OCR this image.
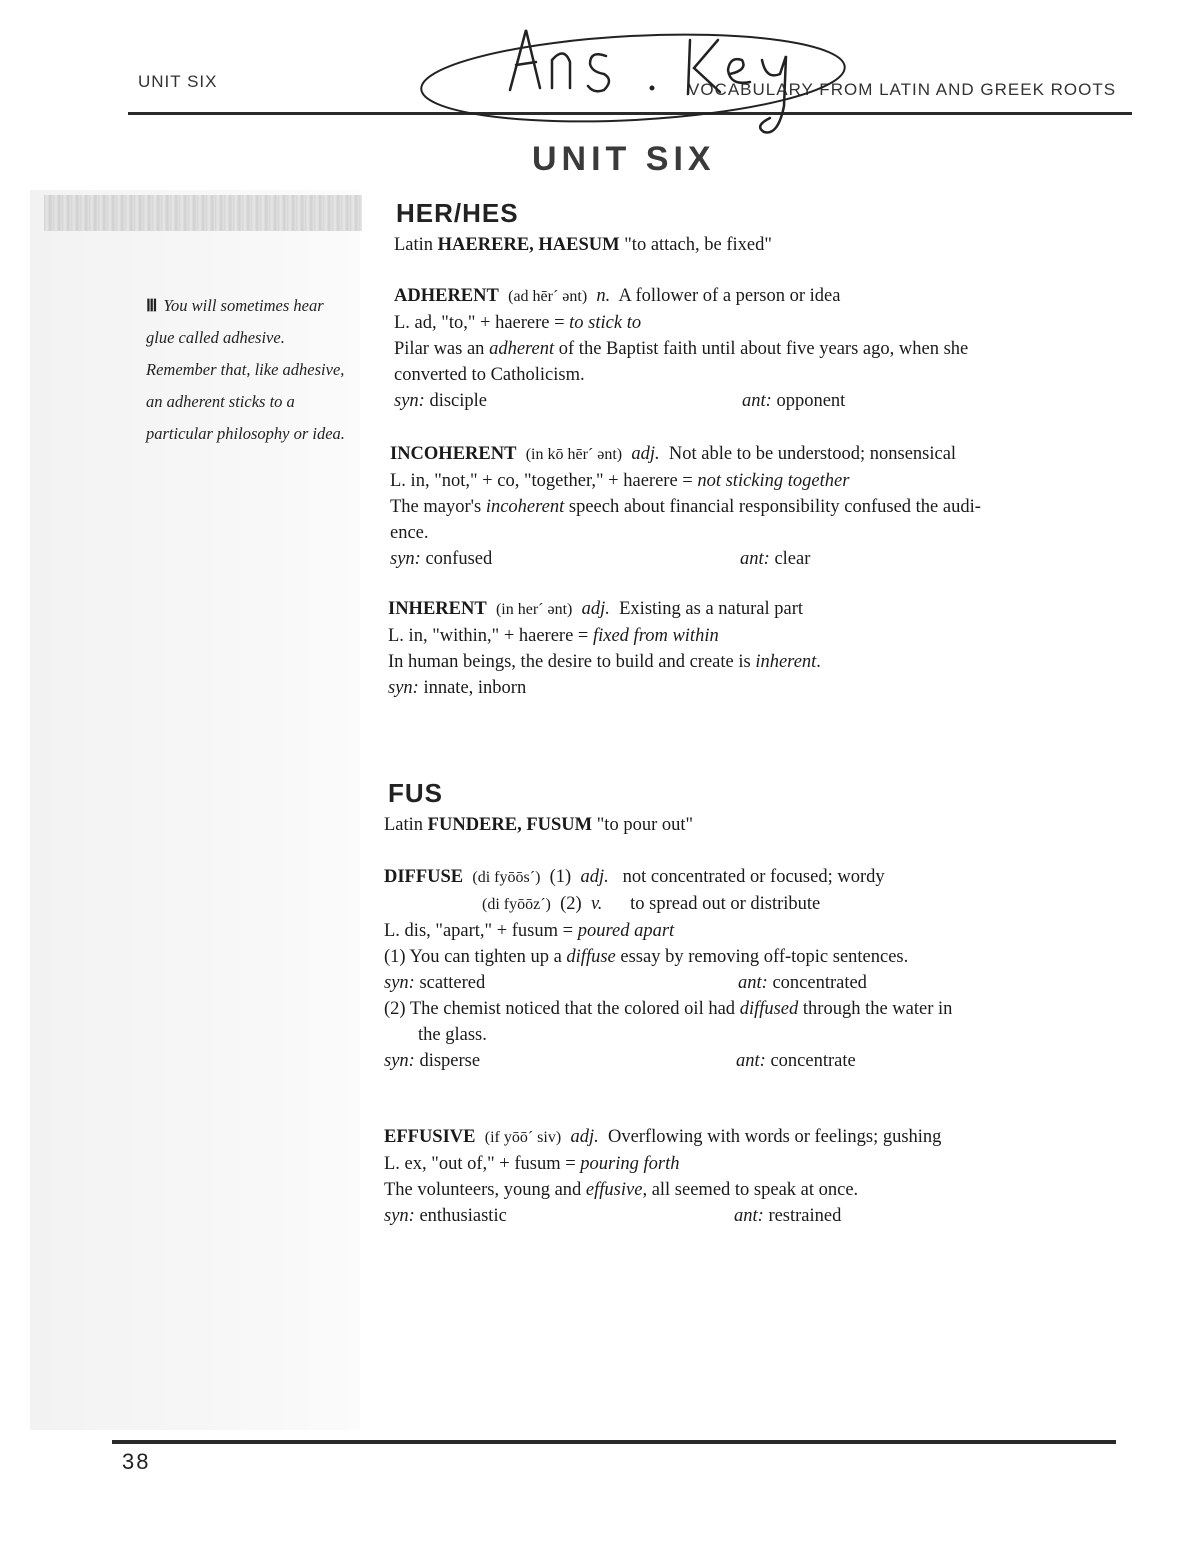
UNIT SIX	VOCABULARY FROM LATIN AND GREEK ROOTS
UNIT SIX
Ⅲ You will sometimes hear glue called adhesive. Remember that, like adhesive, an adherent sticks to a particular philosophy or idea.
HER/HES
Latin HAERERE, HAESUM "to attach, be fixed"
ADHERENT (ad hēr´ ənt) n. A follower of a person or idea
L. ad, "to," + haerere = to stick to
Pilar was an adherent of the Baptist faith until about five years ago, when she
converted to Catholicism.
syn: disciple	ant: opponent
INCOHERENT (in kō hēr´ ənt) adj. Not able to be understood; nonsensical
L. in, "not," + co, "together," + haerere = not sticking together
The mayor's incoherent speech about financial responsibility confused the audi-
ence.
syn: confused	ant: clear
INHERENT (in her´ ənt) adj. Existing as a natural part
L. in, "within," + haerere = fixed from within
In human beings, the desire to build and create is inherent.
syn: innate, inborn
FUS
Latin FUNDERE, FUSUM "to pour out"
DIFFUSE (di fyōōs´) (1) adj. not concentrated or focused; wordy
(di fyōōz´) (2) v. to spread out or distribute
L. dis, "apart," + fusum = poured apart
(1) You can tighten up a diffuse essay by removing off-topic sentences.
syn: scattered	ant: concentrated
(2) The chemist noticed that the colored oil had diffused through the water in
the glass.
syn: disperse	ant: concentrate
EFFUSIVE (if yōō´ siv) adj. Overflowing with words or feelings; gushing
L. ex, "out of," + fusum = pouring forth
The volunteers, young and effusive, all seemed to speak at once.
syn: enthusiastic	ant: restrained
38
